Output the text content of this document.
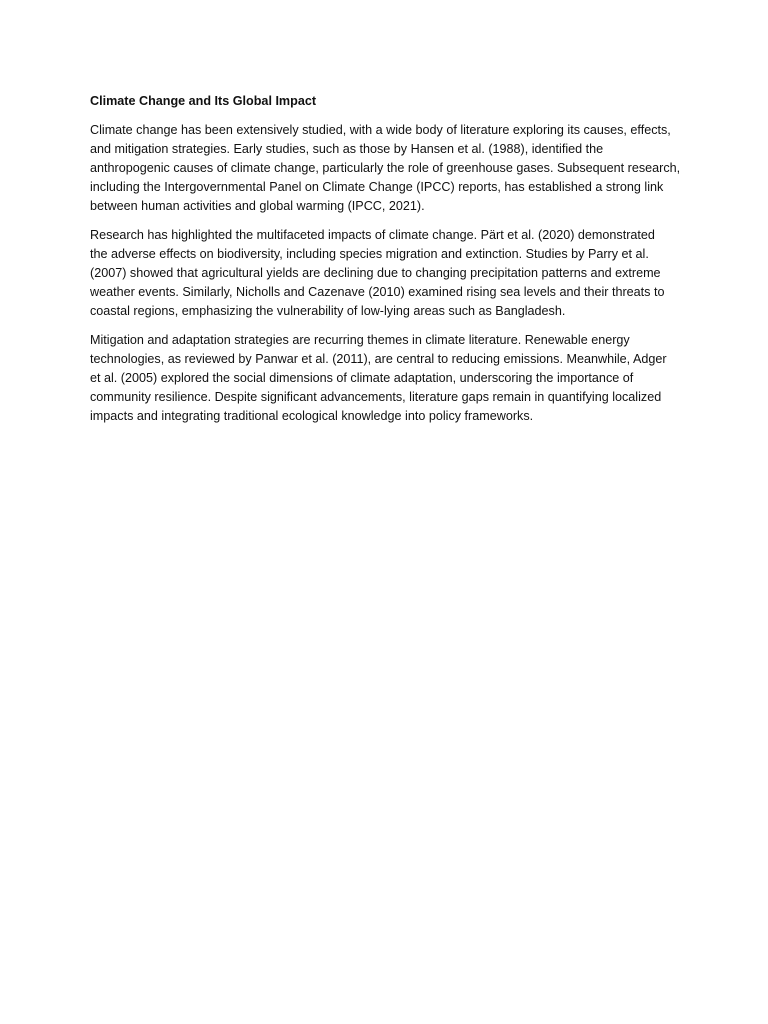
Climate Change and Its Global Impact
Climate change has been extensively studied, with a wide body of literature exploring its causes, effects,
and mitigation strategies. Early studies, such as those by Hansen et al. (1988), identified the
anthropogenic causes of climate change, particularly the role of greenhouse gases. Subsequent research,
including the Intergovernmental Panel on Climate Change (IPCC) reports, has established a strong link
between human activities and global warming (IPCC, 2021).
Research has highlighted the multifaceted impacts of climate change. Pärt et al. (2020) demonstrated
the adverse effects on biodiversity, including species migration and extinction. Studies by Parry et al.
(2007) showed that agricultural yields are declining due to changing precipitation patterns and extreme
weather events. Similarly, Nicholls and Cazenave (2010) examined rising sea levels and their threats to
coastal regions, emphasizing the vulnerability of low-lying areas such as Bangladesh.
Mitigation and adaptation strategies are recurring themes in climate literature. Renewable energy
technologies, as reviewed by Panwar et al. (2011), are central to reducing emissions. Meanwhile, Adger
et al. (2005) explored the social dimensions of climate adaptation, underscoring the importance of
community resilience. Despite significant advancements, literature gaps remain in quantifying localized
impacts and integrating traditional ecological knowledge into policy frameworks.
